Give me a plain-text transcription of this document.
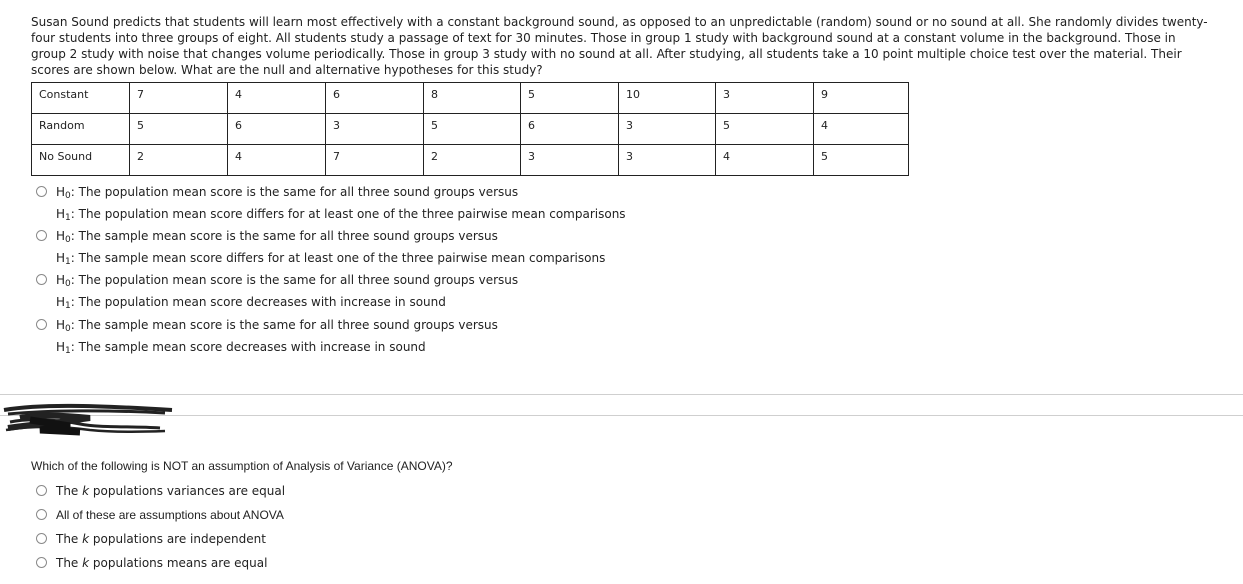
Susan Sound predicts that students will learn most effectively with a constant background sound, as opposed to an unpredictable (random) sound or no sound at all. She randomly divides twenty-four students into three groups of eight. All students study a passage of text for 30 minutes. Those in group 1 study with background sound at a constant volume in the background. Those in group 2 study with noise that changes volume periodically. Those in group 3 study with no sound at all. After studying, all students take a 10 point multiple choice test over the material. Their scores are shown below. What are the null and alternative hypotheses for this study?
Constant	7	4	6	8	5	10	3	9
Random	5	6	3	5	6	3	5	4
No Sound	2	4	7	2	3	3	4	5
$H_0$: The population mean score is the same for all three sound groups versus
$H_1$: The population mean score differs for at least one of the three pairwise mean comparisons
$H_0$: The sample mean score is the same for all three sound groups versus
$H_1$: The sample mean score differs for at least one of the three pairwise mean comparisons
$H_0$: The population mean score is the same for all three sound groups versus
$H_1$: The population mean score decreases with increase in sound
$H_0$: The sample mean score is the same for all three sound groups versus
$H_1$: The sample mean score decreases with increase in sound
Which of the following is NOT an assumption of Analysis of Variance (ANOVA)?
The k populations variances are equal
All of these are assumptions about ANOVA
The k populations are independent
The k populations means are equal
